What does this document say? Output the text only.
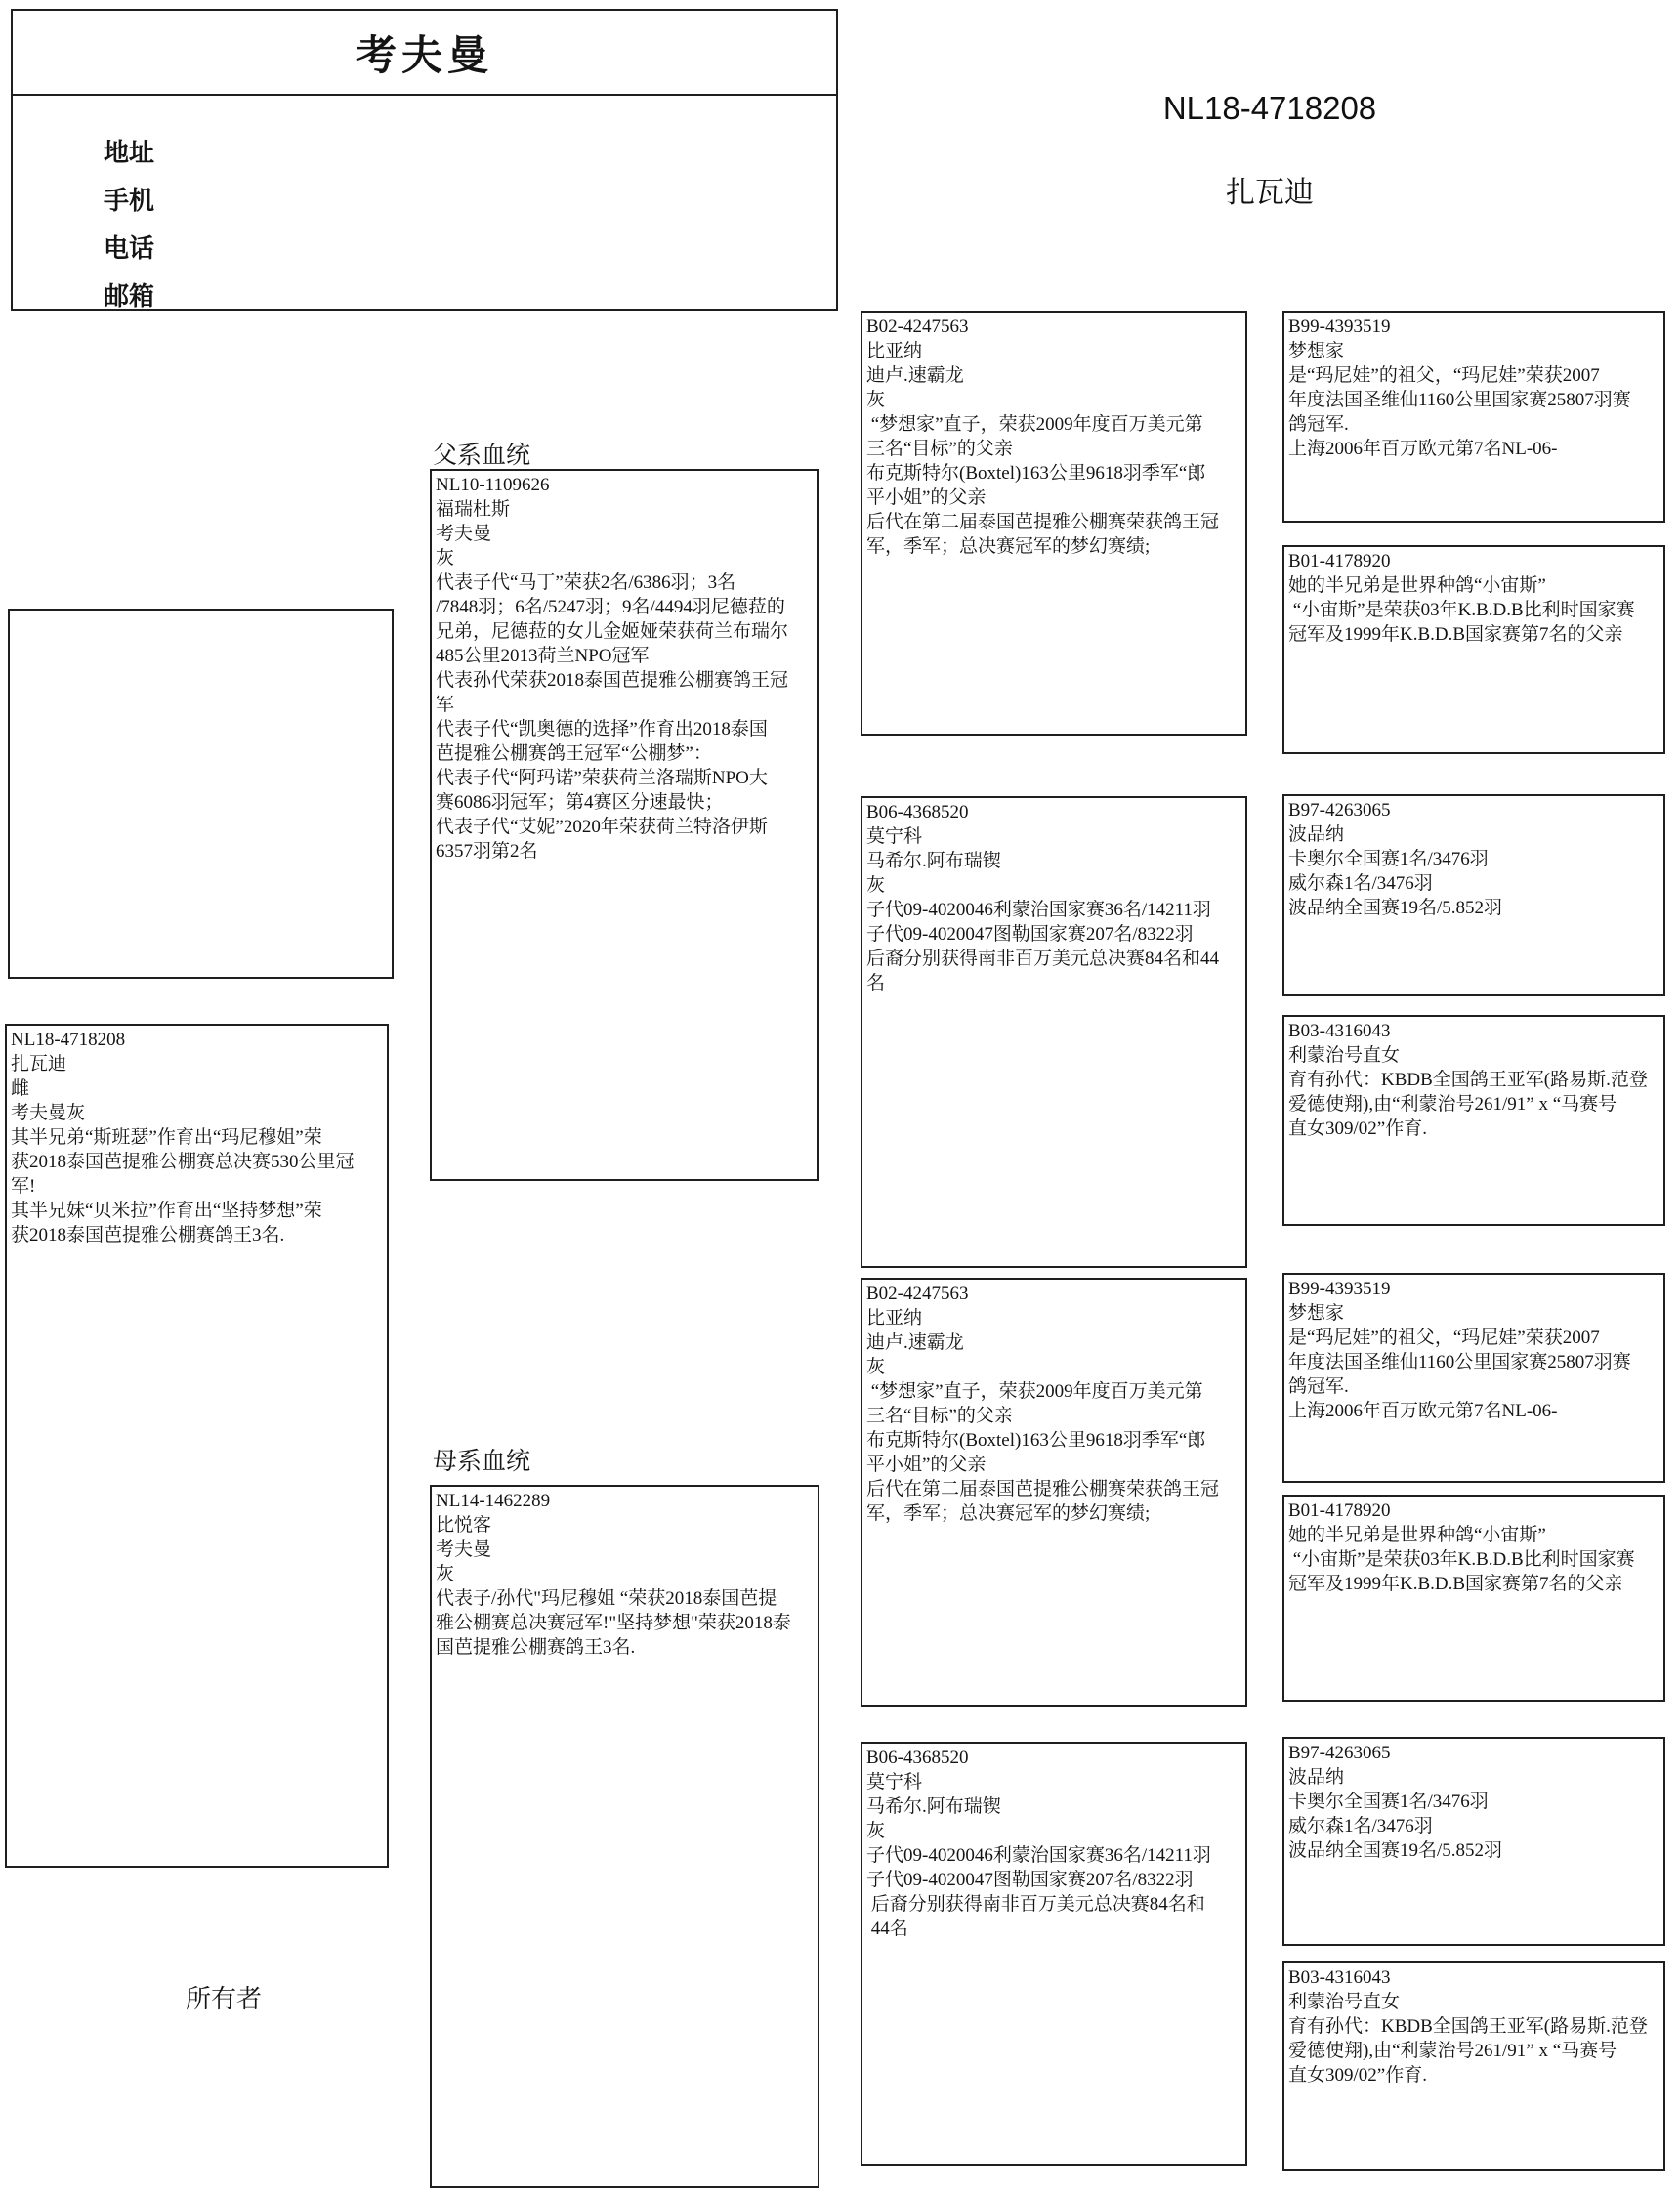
考夫曼
地址
手机
电话
邮箱
NL18-4718208
扎瓦迪
父系血统
母系血统
所有者
NL18-4718208
扎瓦迪
雌
考夫曼灰
其半兄弟“斯班瑟”作育出“玛尼穆姐”荣
获2018泰国芭提雅公棚赛总决赛530公里冠
军!
其半兄妹“贝米拉”作育出“坚持梦想”荣
获2018泰国芭提雅公棚赛鸽王3名.
NL10-1109626
福瑞杜斯
考夫曼
灰
代表子代“马丁”荣获2名/6386羽；3名
/7848羽；6名/5247羽；9名/4494羽尼德菈的
兄弟，尼德菈的女儿金姬娅荣获荷兰布瑞尔
485公里2013荷兰NPO冠军
代表孙代荣获2018泰国芭提雅公棚赛鸽王冠
军
代表子代“凯奥德的选择”作育出2018泰国
芭提雅公棚赛鸽王冠军“公棚梦”：
代表子代“阿玛诺”荣获荷兰洛瑞斯NPO大
赛6086羽冠军；第4赛区分速最快；
代表子代“艾妮”2020年荣获荷兰特洛伊斯
6357羽第2名
NL14-1462289
比悦客
考夫曼
灰
代表子/孙代"玛尼穆姐 “荣获2018泰国芭提
雅公棚赛总决赛冠军!"坚持梦想"荣获2018泰
国芭提雅公棚赛鸽王3名.
B02-4247563
比亚纳
迪卢.速霸龙
灰
“梦想家”直子，荣获2009年度百万美元第
三名“目标”的父亲
布克斯特尔(Boxtel)163公里9618羽季军“郎
平小姐”的父亲
后代在第二届泰国芭提雅公棚赛荣获鸽王冠
军，季军；总决赛冠军的梦幻赛绩;
B06-4368520
莫宁科
马希尔.阿布瑞锲
灰
子代09-4020046利蒙治国家赛36名/14211羽
子代09-4020047图勒国家赛207名/8322羽
后裔分别获得南非百万美元总决赛84名和44
名
B02-4247563
比亚纳
迪卢.速霸龙
灰
“梦想家”直子，荣获2009年度百万美元第
三名“目标”的父亲
布克斯特尔(Boxtel)163公里9618羽季军“郎
平小姐”的父亲
后代在第二届泰国芭提雅公棚赛荣获鸽王冠
军，季军；总决赛冠军的梦幻赛绩;
B06-4368520
莫宁科
马希尔.阿布瑞锲
灰
子代09-4020046利蒙治国家赛36名/14211羽
子代09-4020047图勒国家赛207名/8322羽
后裔分别获得南非百万美元总决赛84名和
44名
B99-4393519
梦想家
是“玛尼娃”的祖父，“玛尼娃”荣获2007
年度法国圣维仙1160公里国家赛25807羽赛
鸽冠军.
上海2006年百万欧元第7名NL-06-
B01-4178920
她的半兄弟是世界种鸽“小宙斯”
“小宙斯”是荣获03年K.B.D.B比利时国家赛
冠军及1999年K.B.D.B国家赛第7名的父亲
B97-4263065
波品纳
卡奥尔全国赛1名/3476羽
威尔森1名/3476羽
波品纳全国赛19名/5.852羽
B03-4316043
利蒙治号直女
育有孙代：KBDB全国鸽王亚军(路易斯.范登
爱德使翔),由“利蒙治号261/91” x “马赛号
直女309/02”作育.
B99-4393519
梦想家
是“玛尼娃”的祖父，“玛尼娃”荣获2007
年度法国圣维仙1160公里国家赛25807羽赛
鸽冠军.
上海2006年百万欧元第7名NL-06-
B01-4178920
她的半兄弟是世界种鸽“小宙斯”
“小宙斯”是荣获03年K.B.D.B比利时国家赛
冠军及1999年K.B.D.B国家赛第7名的父亲
B97-4263065
波品纳
卡奥尔全国赛1名/3476羽
威尔森1名/3476羽
波品纳全国赛19名/5.852羽
B03-4316043
利蒙治号直女
育有孙代：KBDB全国鸽王亚军(路易斯.范登
爱德使翔),由“利蒙治号261/91” x “马赛号
直女309/02”作育.
